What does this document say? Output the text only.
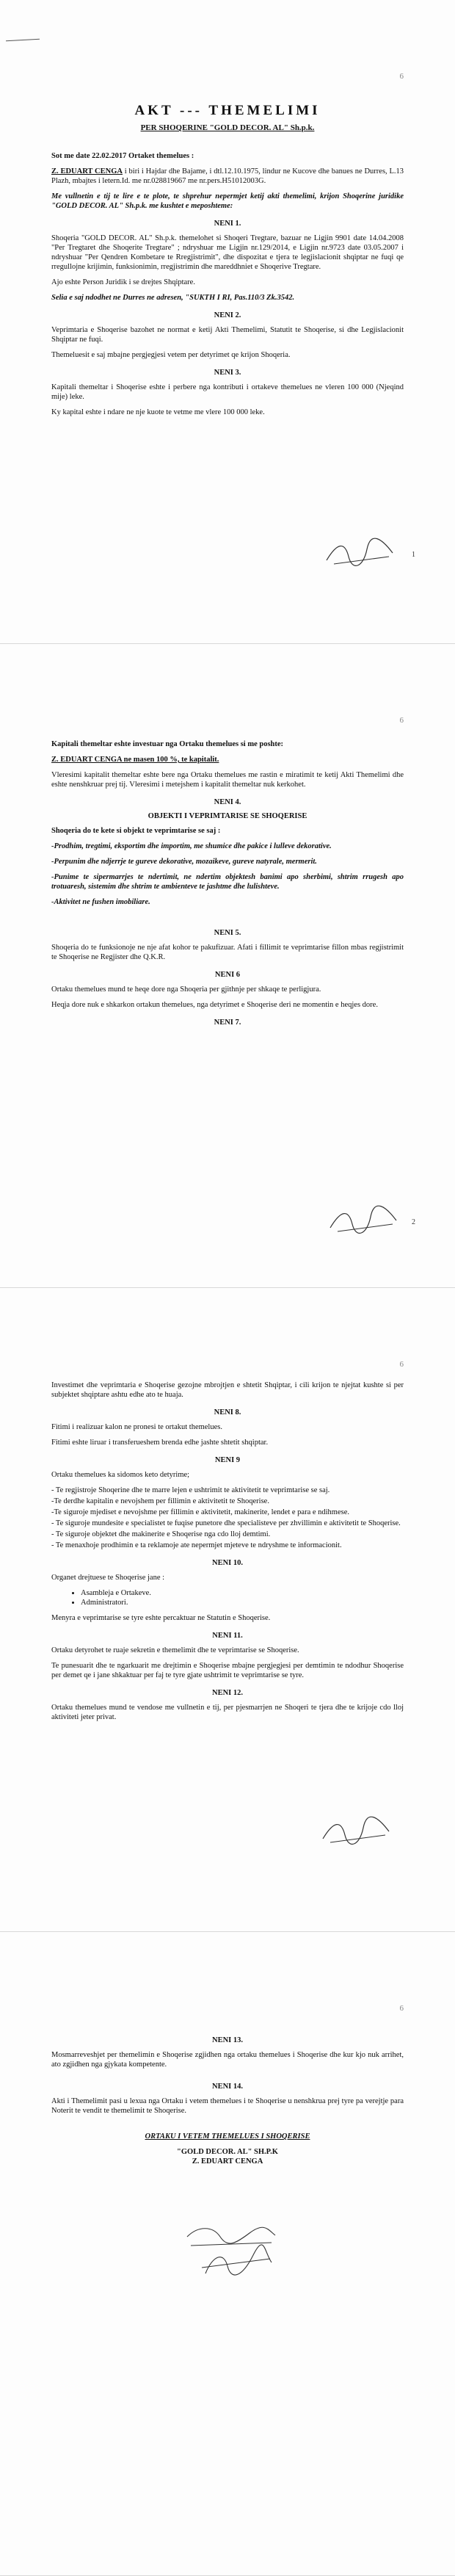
6
AKT --- THEMELIMI
PER SHOQERINE "GOLD DECOR. AL" Sh.p.k.

Sot me date 22.02.2017 Ortaket themelues :

Z. EDUART CENGA i biri i Hajdar dhe Bajame, i dtl.12.10.1975, lindur ne Kucove dhe banues ne Durres, L.13 Plazh, mbajtes i letern.Id. me nr.028819667 me nr.pers.H51012003G.

Me vullnetin e tij te lire e te plote, te shprehur nepermjet ketij akti themelimi, krijon Shoqerine juridike "GOLD DECOR. AL" Sh.p.k. me kushtet e meposhteme:

NENI 1.

Shoqeria "GOLD DECOR. AL" Sh.p.k. themelohet si Shoqeri Tregtare, bazuar ne Ligjin 9901 date 14.04.2008 "Per Tregtaret dhe Shoqerite Tregtare" ; ndryshuar me Ligjin nr.129/2014, e Ligjin nr.9723 date 03.05.2007 i ndryshuar "Per Qendren Kombetare te Rregjistrimit", dhe dispozitat e tjera te legjislacionit shqiptar ne fuqi qe rregullojne krijimin, funksionimin, rregjistrimin dhe mareddhniet e Shoqerive Tregtare.

Ajo eshte Person Juridik i se drejtes Shqiptare.

Selia e saj ndodhet ne Durres ne adresen, "SUKTH I RI, Pas.110/3 Zk.3542.

NENI 2.

Veprimtaria e Shoqerise bazohet ne normat e ketij Akti Themelimi, Statutit te Shoqerise, si dhe Legjislacionit Shqiptar ne fuqi.

Themeluesit e saj mbajne pergjegjesi vetem per detyrimet qe krijon Shoqeria.

NENI 3.

Kapitali themeltar i Shoqerise eshte i perbere nga kontributi i ortakeve themelues ne vleren 100 000 (Njeqind mije) leke.

Ky kapital eshte i ndare ne nje kuote te vetme me vlere 100 000 leke.

1
6

Kapitali themeltar eshte investuar nga Ortaku themelues si me poshte:

Z. EDUART CENGA ne masen 100 %, te kapitalit.

Vleresimi kapitalit themeltar eshte bere nga Ortaku themelues me rastin e miratimit te ketij Akti Themelimi dhe eshte nenshkruar prej tij. Vleresimi i metejshem i kapitalit themeltar nuk kerkohet.

NENI 4.
OBJEKTI I VEPRIMTARISE SE SHOQERISE

Shoqeria do te kete si objekt te veprimtarise se saj :

-Prodhim, tregtimi, eksportim dhe importim, me shumice dhe pakice i lulleve dekorative.

-Perpunim dhe ndjerrje te gureve dekorative, mozaikeve, gureve natyrale, mermerit.

-Punime te sipermarrjes te ndertimit, ne ndertim objektesh banimi apo sherbimi, shtrim rrugesh apo trotuaresh, sistemim dhe shtrim te ambienteve te jashtme dhe lulishteve.

-Aktivitet ne fushen imobiliare.

NENI 5.

Shoqeria do te funksionoje ne nje afat kohor te pakufizuar. Afati i fillimit te veprimtarise fillon mbas regjistrimit te Shoqerise ne Regjister dhe Q.K.R.

NENI 6

Ortaku themelues mund te heqe dore nga Shoqeria per gjithnje per shkaqe te perligjura.

Heqja dore nuk e shkarkon ortakun themelues, nga detyrimet e Shoqerise deri ne momentin e heqjes dore.

NENI 7.
2
6

Investimet dhe veprimtaria e Shoqerise gezojne mbrojtjen e shtetit Shqiptar, i cili krijon te njejtat kushte si per subjektet shqiptare ashtu edhe ato te huaja.

NENI 8.

Fitimi i realizuar kalon ne pronesi te ortakut themelues.

Fitimi eshte liruar i transferueshem brenda edhe jashte shtetit shqiptar.

NENI 9

Ortaku themelues ka sidomos keto detyrime;

- Te regjistroje Shoqerine dhe te marre lejen e ushtrimit te aktivitetit te veprimtarise se saj.

-Te derdhe kapitalin e nevojshem per fillimin e aktivitetit te Shoqerise.

-Te siguroje mjediset e nevojshme per fillimin e aktivitetit, makinerite, lendet e para e ndihmese.

- Te siguroje mundesite e specialistet te fuqise punetore dhe specialisteve per zhvillimin e aktivitetit te Shoqerise.

- Te siguroje objektet dhe makinerite e Shoqerise nga cdo lloj demtimi.

- Te menaxhoje prodhimin e ta reklamoje ate nepermjet mjeteve te ndryshme te informacionit.

NENI 10.

Organet drejtuese te Shoqerise jane :

• Asambleja e Ortakeve.
• Administratori.

Menyra e veprimtarise se tyre eshte percaktuar ne Statutin e Shoqerise.

NENI 11.

Ortaku detyrohet te ruaje sekretin e themelimit dhe te veprimtarise se Shoqerise.

Te punesuarit dhe te ngarkuarit me drejtimin e Shoqerise mbajne pergjegjesi per demtimin te ndodhur Shoqerise per demet qe i jane shkaktuar per faj te tyre gjate ushtrimit te veprimtarise se tyre.

NENI 12.

Ortaku themelues mund te vendose me vullnetin e tij, per pjesmarrjen ne Shoqeri te tjera dhe te krijoje cdo lloj aktiviteti jeter privat.

6
NENI 13.

Mosmarreveshjet per themelimin e Shoqerise zgjidhen nga ortaku themelues i Shoqerise dhe kur kjo nuk arrihet, ato zgjidhen nga gjykata kompetente.

NENI 14.

Akti i Themelimit pasi u lexua nga Ortaku i vetem themelues i te Shoqerise u nenshkrua prej tyre pa verejtje para Noterit te vendit te themelimit te Shoqerise.

ORTAKU I VETEM THEMELUES I SHOQERISE
"GOLD DECOR. AL" SH.P.K
Z. EDUART CENGA
